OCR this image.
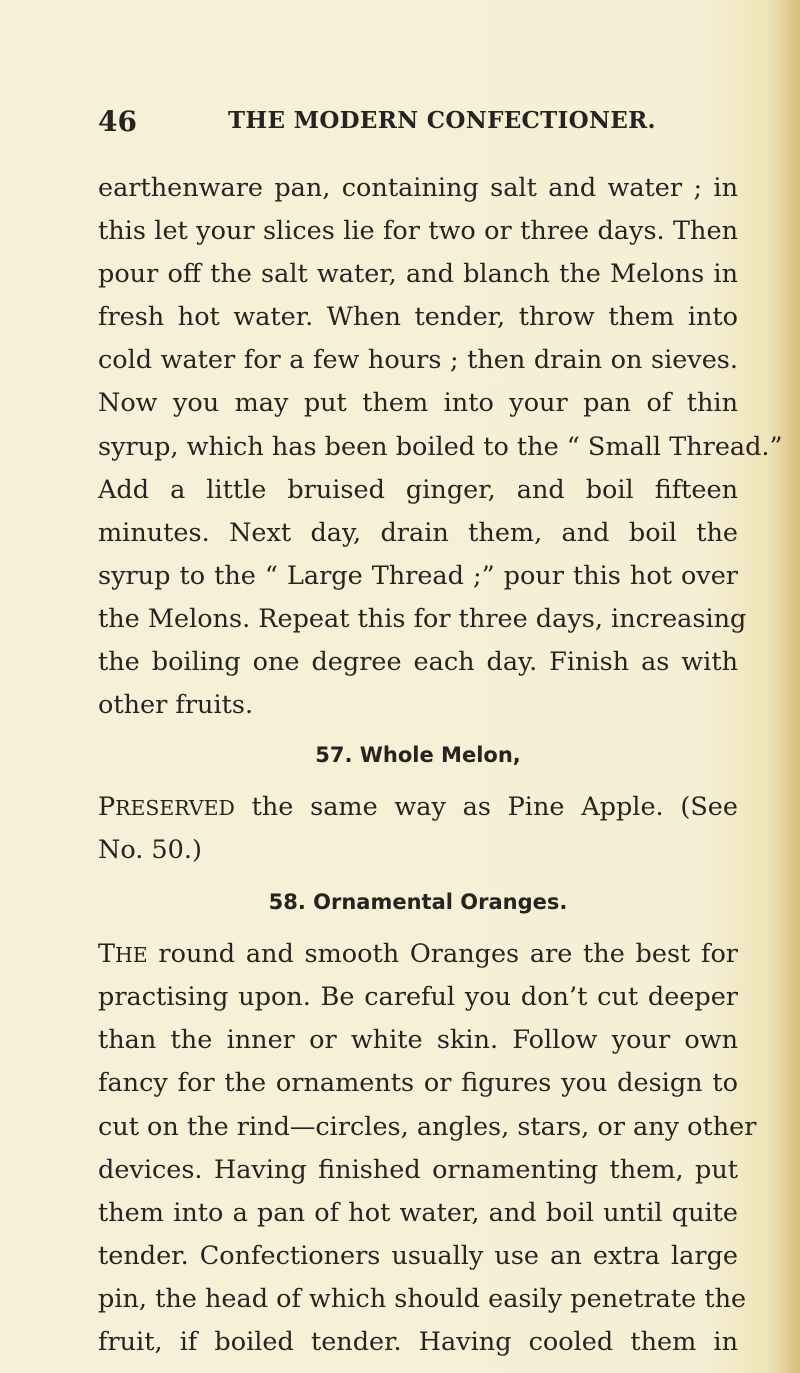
46	THE MODERN CONFECTIONER.
earthenware pan, containing salt and water ; in
this let your slices lie for two or three days. Then
pour off the salt water, and blanch the Melons in
fresh hot water. When tender, throw them into
cold water for a few hours ; then drain on sieves.
Now you may put them into your pan of thin
syrup, which has been boiled to the “ Small Thread.”
Add a little bruised ginger, and boil fifteen
minutes. Next day, drain them, and boil the
syrup to the “ Large Thread ;” pour this hot over
the Melons. Repeat this for three days, increasing
the boiling one degree each day. Finish as with
other fruits.
57. Whole Melon,
PRESERVED the same way as Pine Apple. (See
No. 50.)
58. Ornamental Oranges.
THE round and smooth Oranges are the best for
practising upon. Be careful you don’t cut deeper
than the inner or white skin. Follow your own
fancy for the ornaments or figures you design to
cut on the rind—circles, angles, stars, or any other
devices. Having finished ornamenting them, put
them into a pan of hot water, and boil until quite
tender. Confectioners usually use an extra large
pin, the head of which should easily penetrate the
fruit, if boiled tender. Having cooled them in
